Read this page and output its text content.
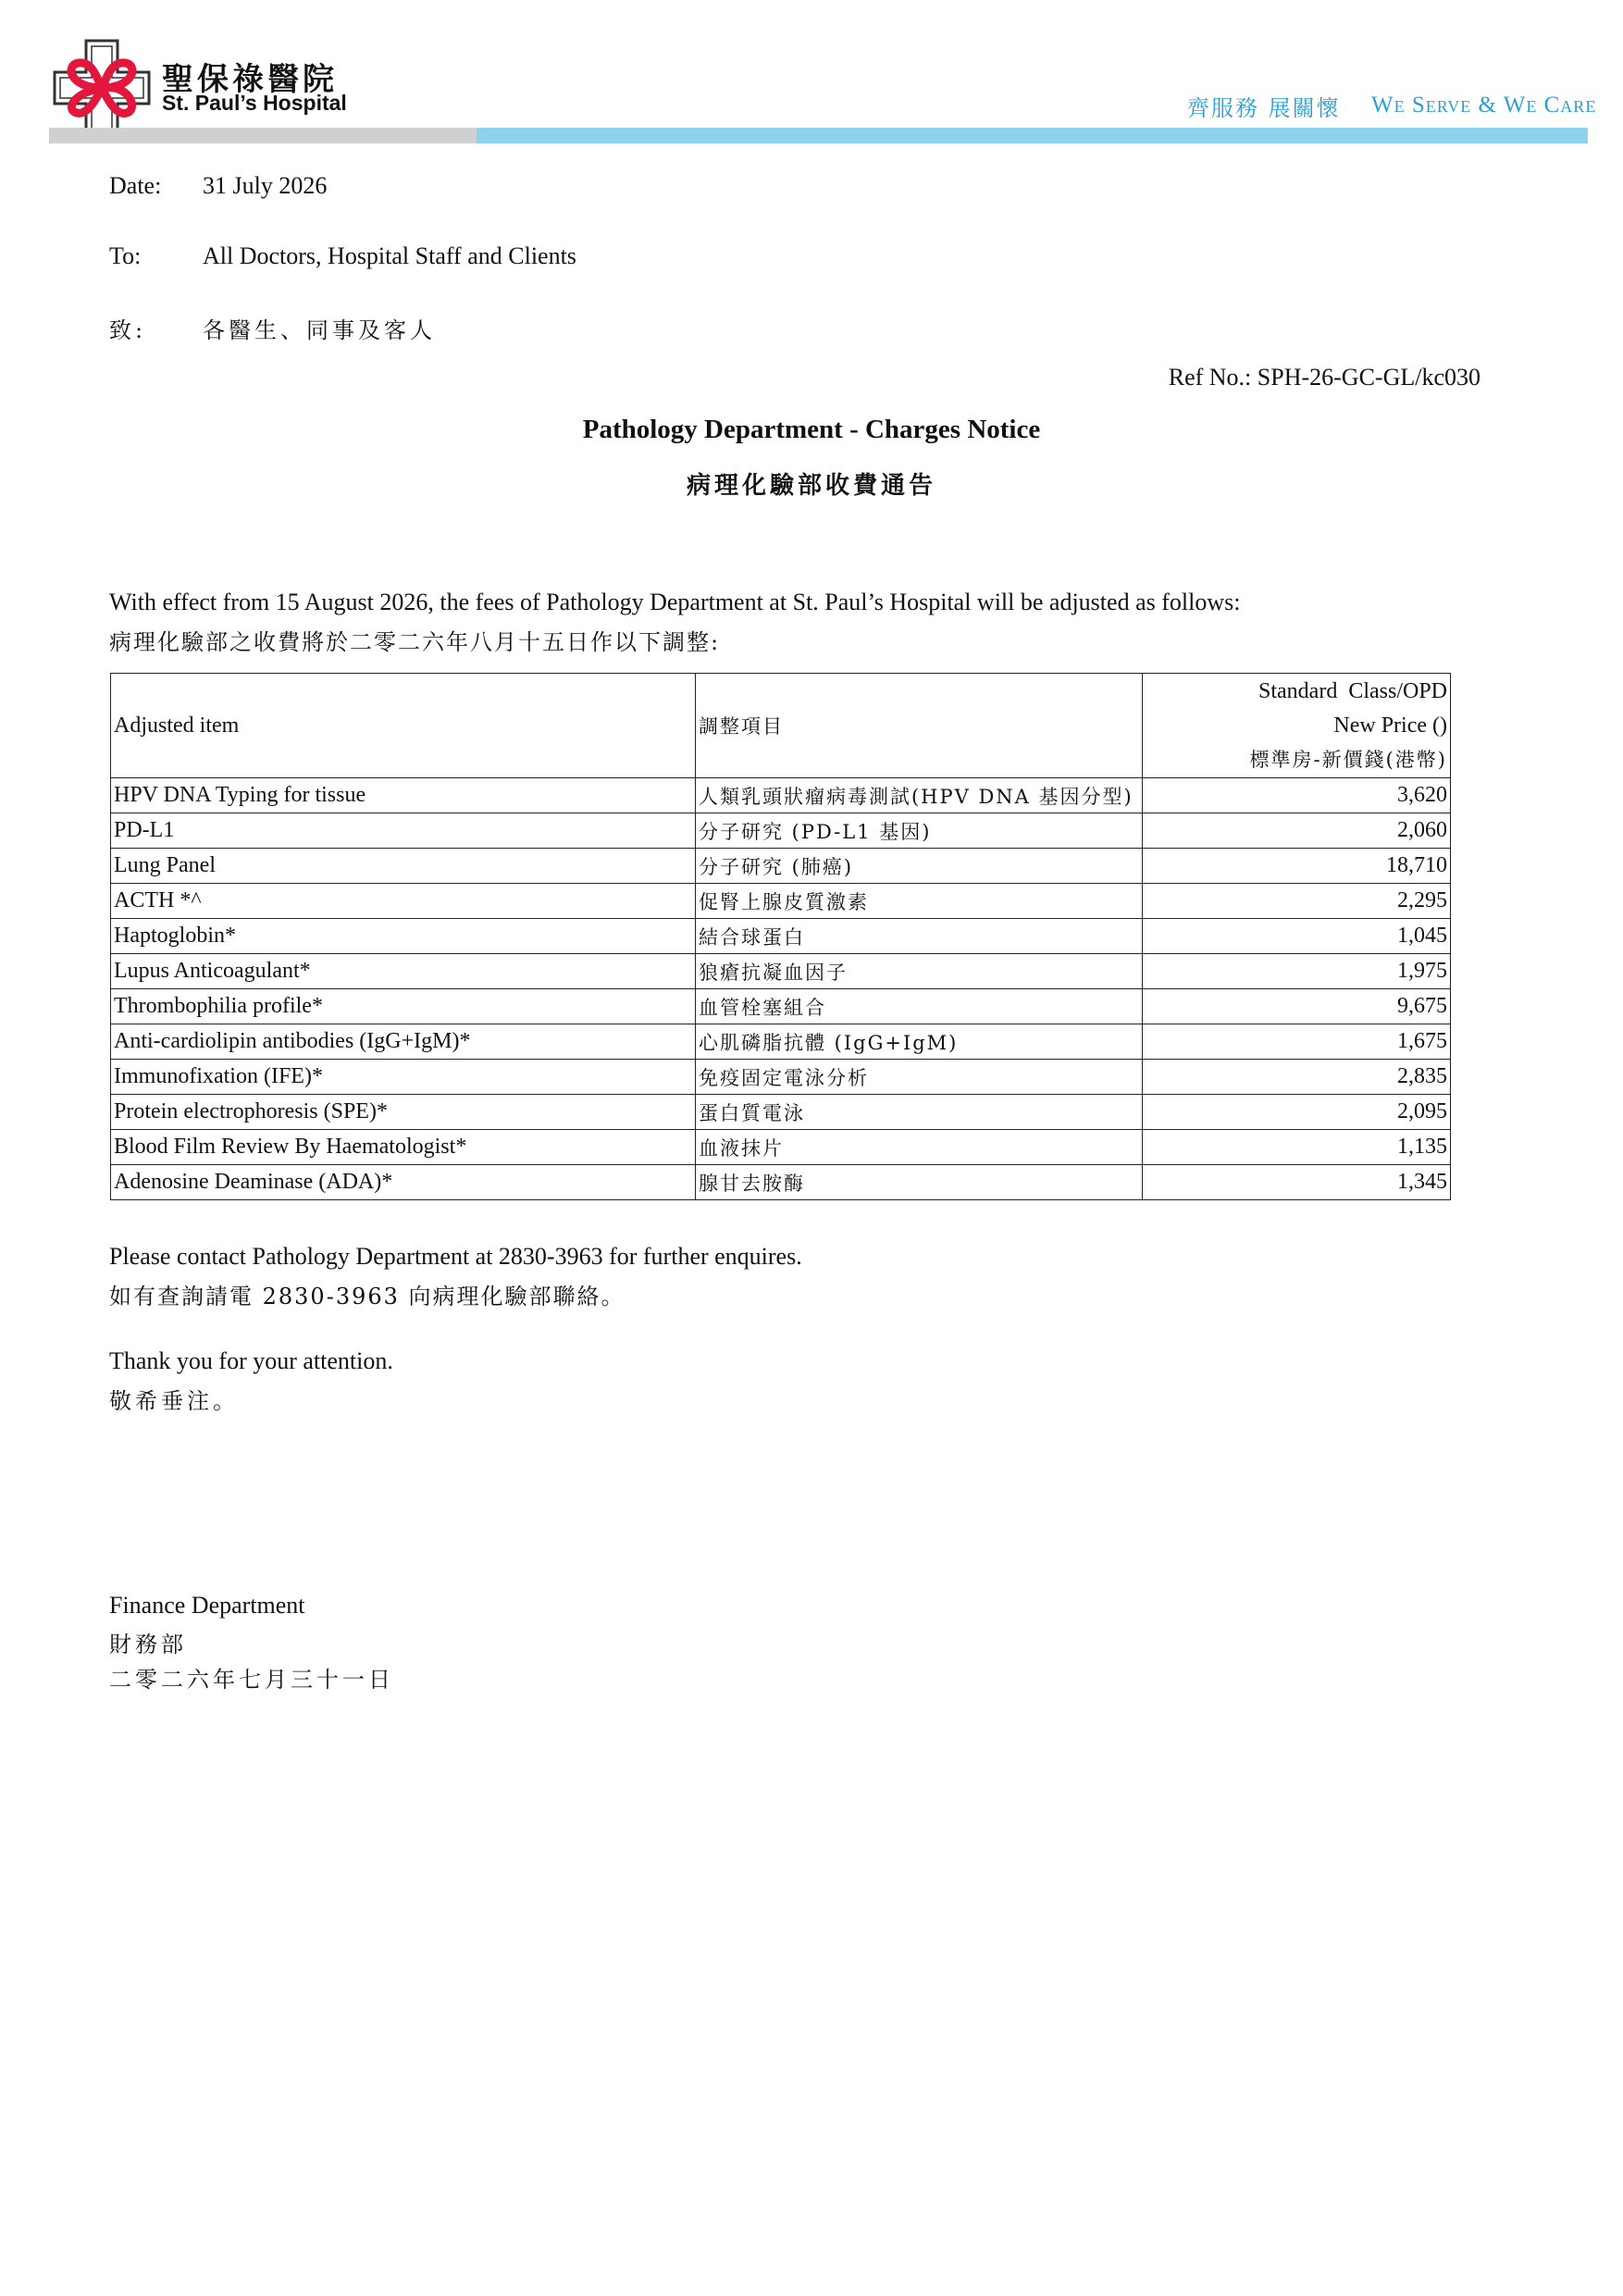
聖保祿醫院
St. Paul’s Hospital	齊服務 展關懷 We Serve & We Care
Date: 31 July 2026
To:	All Doctors, Hospital Staff and Clients
致:	各醫生、同事及客人
Ref No.: SPH-26-GC-GL/kc030
Pathology Department - Charges Notice
病理化驗部收費通告
With effect from 15 August 2026, the fees of Pathology Department at St. Paul’s Hospital will be adjusted as follows:
病理化驗部之收費將於二零二六年八月十五日作以下調整:
Adjusted item	調整項目	Standard  Class/OPD
New Price ()
標準房-新價錢(港幣)

HPV DNA Typing for tissue	人類乳頭狀瘤病毒測試(HPV DNA 基因分型)	3,620
PD-L1	分子研究 (PD-L1 基因)	2,060
Lung Panel	分子研究 (肺癌)	18,710
ACTH *^	促腎上腺皮質激素	2,295
Haptoglobin*	結合球蛋白	1,045
Lupus Anticoagulant*	狼瘡抗凝血因子	1,975
Thrombophilia profile*	血管栓塞組合	9,675
Anti-cardiolipin antibodies (IgG+IgM)*	心肌磷脂抗體 (IgG+IgM)	1,675
Immunofixation (IFE)*	免疫固定電泳分析	2,835
Protein electrophoresis (SPE)*	蛋白質電泳	2,095
Blood Film Review By Haematologist*	血液抹片	1,135
Adenosine Deaminase (ADA)*	腺甘去胺酶	1,345
Please contact Pathology Department at 2830-3963 for further enquires.
如有查詢請電 2830-3963 向病理化驗部聯絡。
Thank you for your attention.
敬希垂注。
Finance Department
財務部
二零二六年七月三十一日
